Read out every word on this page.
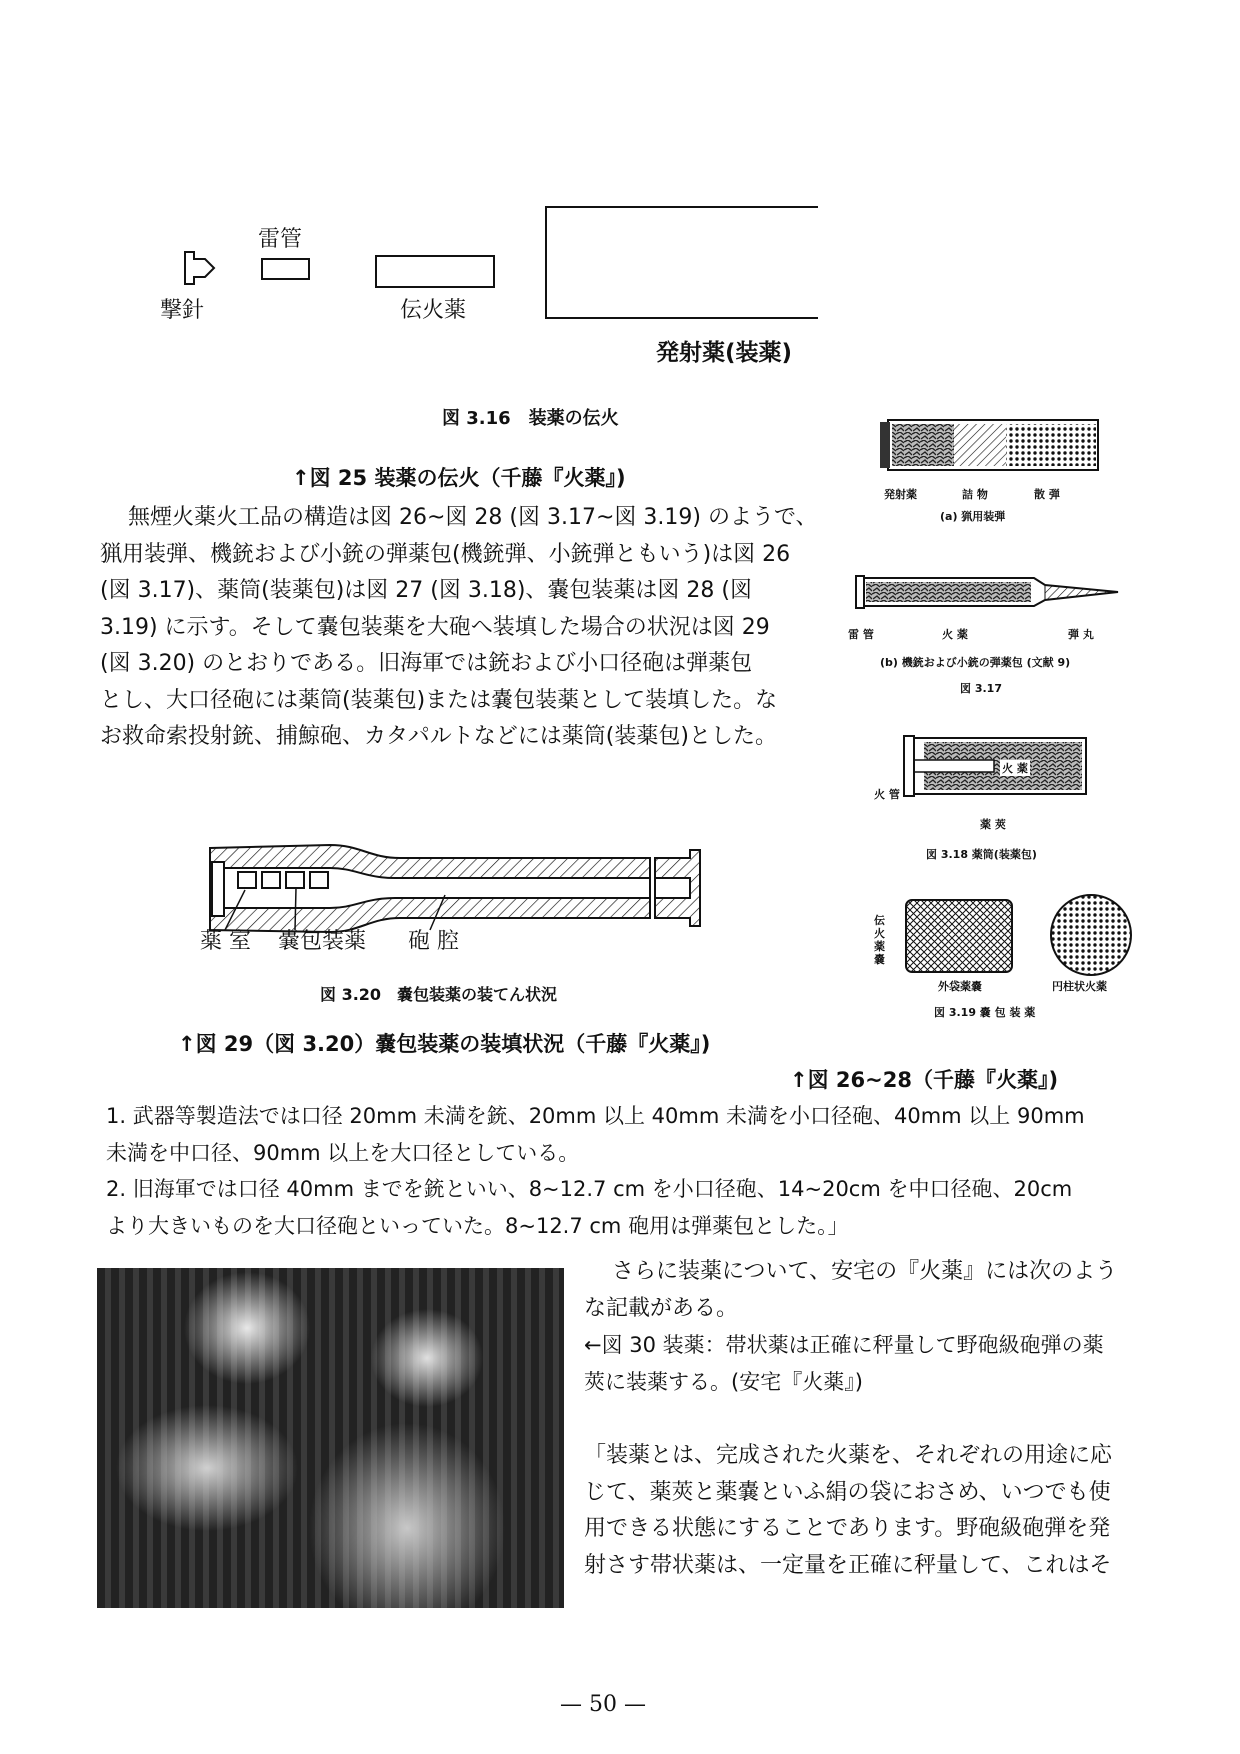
雷管
撃針	伝火薬
発射薬(装薬)
図 3.16　装薬の伝火
↑図 25 装薬の伝火（千藤『火薬』)
無煙火薬火工品の構造は図 26~図 28 (図 3.17~図 3.19) のようで、
猟用装弾、機銃および小銃の弾薬包(機銃弾、小銃弾ともいう)は図 26
(図 3.17)、薬筒(装薬包)は図 27 (図 3.18)、嚢包装薬は図 28 (図
3.19) に示す。そして嚢包装薬を大砲へ装填した場合の状況は図 29
(図 3.20) のとおりである。旧海軍では銃および小口径砲は弾薬包
とし、大口径砲には薬筒(装薬包)または嚢包装薬として装填した。な
お救命索投射銃、捕鯨砲、カタパルトなどには薬筒(装薬包)とした。
発射薬	詰 物	散 弾
(a) 猟用装弾
雷 管	火 薬	弾 丸
(b) 機銃および小銃の弾薬包 (文献 9)
図 3.17
火 管
火 薬
薬 莢
図 3.18 薬筒(装薬包)
伝火薬嚢
外袋薬嚢	円柱状火薬
図 3.19 嚢 包 装 薬
薬 室 嚢包装薬 砲 腔
図 3.20　嚢包装薬の装てん状況
↑図 29（図 3.20）嚢包装薬の装填状況（千藤『火薬』)
↑図 26~28（千藤『火薬』)
1. 武器等製造法では口径 20mm 未満を銃、20mm 以上 40mm 未満を小口径砲、40mm 以上 90mm
未満を中口径、90mm 以上を大口径としている。
2. 旧海軍では口径 40mm までを銃といい、8~12.7 cm を小口径砲、14~20cm を中口径砲、20cm
より大きいものを大口径砲といっていた。8~12.7 cm 砲用は弾薬包とした。」
さらに装薬について、安宅の『火薬』には次のよう
な記載がある。
←図 30 装薬：帯状薬は正確に秤量して野砲級砲弾の薬
莢に装薬する。(安宅『火薬』)
「装薬とは、完成された火薬を、それぞれの用途に応
じて、薬莢と薬嚢といふ絹の袋におさめ、いつでも使
用できる状態にすることであります。野砲級砲弾を発
射さす帯状薬は、一定量を正確に秤量して、これはそ
— 50 —
